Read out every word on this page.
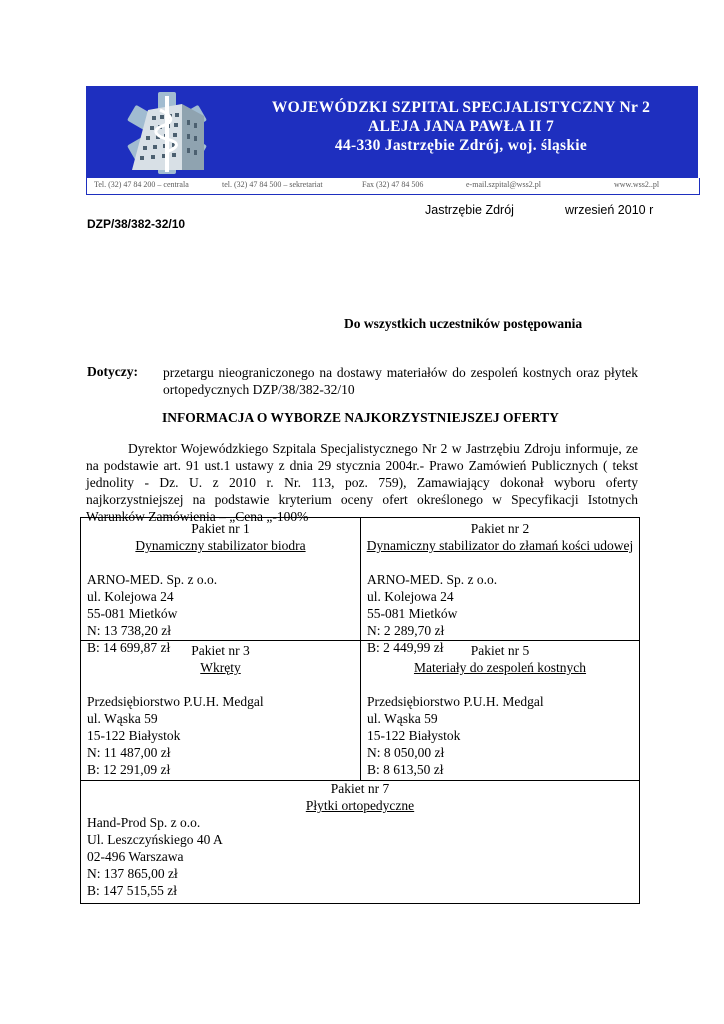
WOJEWÓDZKI SZPITAL SPECJALISTYCZNY Nr 2
ALEJA JANA PAWŁA II 7
44-330 Jastrzębie Zdrój, woj. śląskie
Tel. (32) 47 84 200 – centrala	tel. (32) 47 84 500 – sekretariat	Fax (32) 47 84 506	e-mail.szpital@wss2.pl	www.wss2..pl
Jastrzębie Zdrój	wrzesień 2010 r
DZP/38/382-32/10
Do wszystkich uczestników postępowania
Dotyczy: przetargu nieograniczonego na dostawy materiałów do zespoleń kostnych oraz płytek ortopedycznych DZP/38/382-32/10
INFORMACJA O WYBORZE NAJKORZYSTNIEJSZEJ OFERTY
Dyrektor Wojewódzkiego Szpitala Specjalistycznego Nr 2 w Jastrzębiu Zdroju informuje, ze na podstawie art. 91 ust.1 ustawy z dnia 29 stycznia 2004r.- Prawo Zamówień Publicznych ( tekst jednolity - Dz. U. z 2010 r. Nr. 113, poz. 759), Zamawiający dokonał wyboru oferty najkorzystniejszej na podstawie kryterium oceny ofert określonego w Specyfikacji Istotnych Warunków Zamówienia – „Cena „-100%
Pakiet nr 1
Dynamiczny stabilizator biodra
ARNO-MED. Sp. z o.o.
ul. Kolejowa 24
55-081 Mietków
N: 13 738,20 zł
B: 14 699,87 zł
Pakiet nr 2
Dynamiczny stabilizator do złamań kości udowej
ARNO-MED. Sp. z o.o.
ul. Kolejowa 24
55-081 Mietków
N: 2 289,70 zł
B: 2 449,99 zł
Pakiet nr 3
Wkręty
Przedsiębiorstwo P.U.H. Medgal
ul. Wąska 59
15-122 Białystok
N: 11 487,00 zł
B: 12 291,09 zł
Pakiet nr 5
Materiały do zespoleń kostnych
Przedsiębiorstwo P.U.H. Medgal
ul. Wąska 59
15-122 Białystok
N: 8 050,00 zł
B: 8 613,50 zł
Pakiet nr 7
Płytki ortopedyczne
Hand-Prod Sp. z o.o.
Ul. Leszczyńskiego 40 A
02-496 Warszawa
N: 137 865,00 zł
B: 147 515,55 zł
